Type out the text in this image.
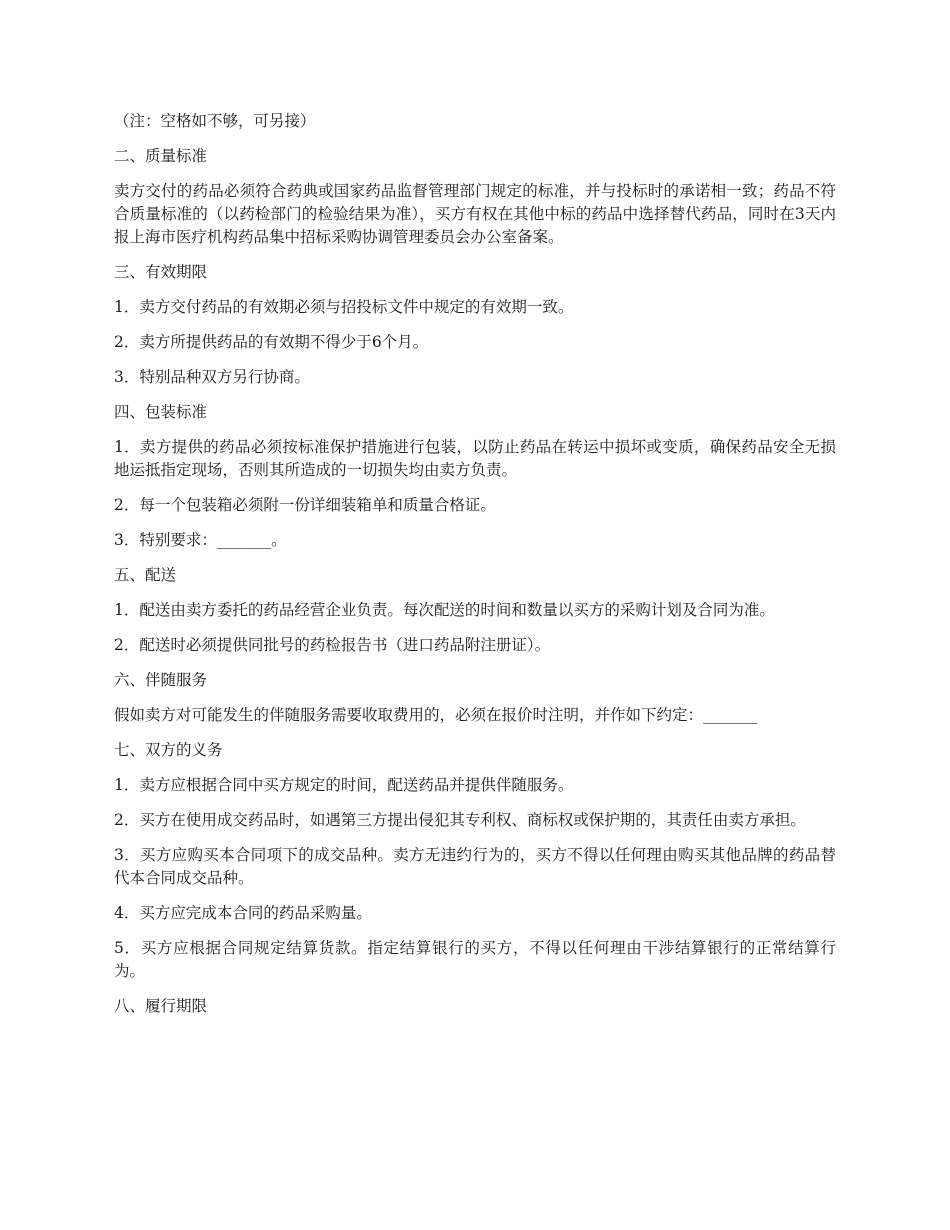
（注：空格如不够，可另接）
二、质量标准
卖方交付的药品必须符合药典或国家药品监督管理部门规定的标准，并与投标时的承诺相一致；药品不符合质量标准的（以药检部门的检验结果为准），买方有权在其他中标的药品中选择替代药品，同时在3天内报上海市医疗机构药品集中招标采购协调管理委员会办公室备案。
三、有效期限
1．卖方交付药品的有效期必须与招投标文件中规定的有效期一致。
2．卖方所提供药品的有效期不得少于6个月。
3．特别品种双方另行协商。
四、包装标准
1．卖方提供的药品必须按标准保护措施进行包装，以防止药品在转运中损坏或变质，确保药品安全无损地运抵指定现场，否则其所造成的一切损失均由卖方负责。
2．每一个包装箱必须附一份详细装箱单和质量合格证。
3．特别要求：_______。
五、配送
1．配送由卖方委托的药品经营企业负责。每次配送的时间和数量以买方的采购计划及合同为准。
2．配送时必须提供同批号的药检报告书（进口药品附注册证）。
六、伴随服务
假如卖方对可能发生的伴随服务需要收取费用的，必须在报价时注明，并作如下约定：_______
七、双方的义务
1．卖方应根据合同中买方规定的时间，配送药品并提供伴随服务。
2．买方在使用成交药品时，如遇第三方提出侵犯其专利权、商标权或保护期的，其责任由卖方承担。
3．买方应购买本合同项下的成交品种。卖方无违约行为的，买方不得以任何理由购买其他品牌的药品替代本合同成交品种。
4．买方应完成本合同的药品采购量。
5．买方应根据合同规定结算货款。指定结算银行的买方，不得以任何理由干涉结算银行的正常结算行为。
八、履行期限
